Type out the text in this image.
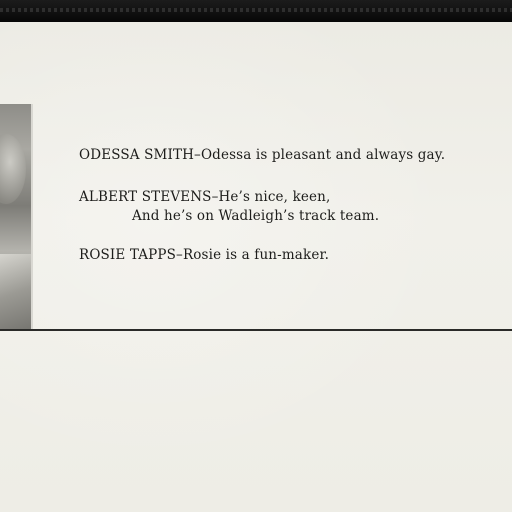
ODESSA SMITH–Odessa is pleasant and always gay.
ALBERT STEVENS–He’s nice, keen,
And he’s on Wadleigh’s track team.
ROSIE TAPPS–Rosie is a fun-maker.
